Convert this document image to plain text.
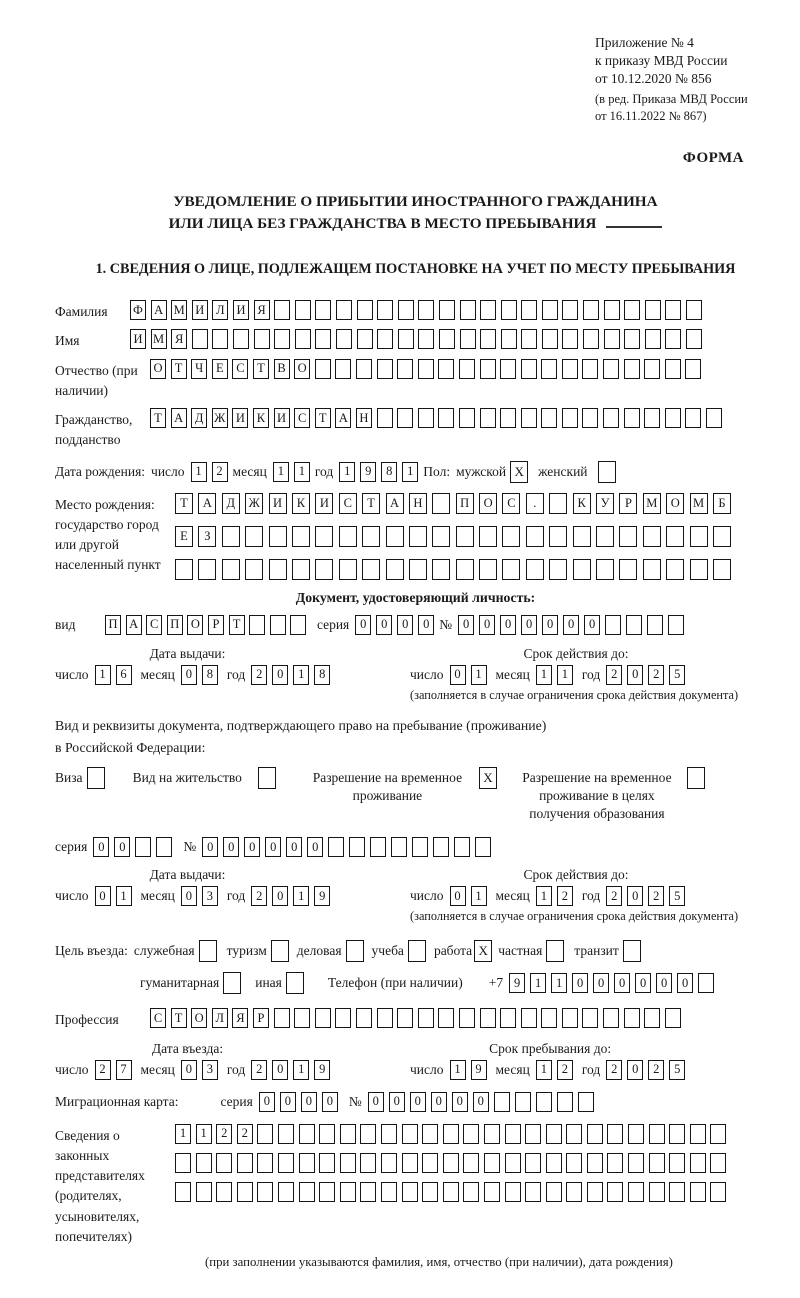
Приложение № 4
к приказу МВД России
от 10.12.2020 № 856
(в ред. Приказа МВД России
от 16.11.2022 № 867)
ФОРМА
УВЕДОМЛЕНИЕ О ПРИБЫТИИ ИНОСТРАННОГО ГРАЖДАНИНА
ИЛИ ЛИЦА БЕЗ ГРАЖДАНСТВА В МЕСТО ПРЕБЫВАНИЯ
1. СВЕДЕНИЯ О ЛИЦЕ, ПОДЛЕЖАЩЕМ ПОСТАНОВКЕ НА УЧЕТ ПО МЕСТУ ПРЕБЫВАНИЯ
Фамилия	Ф А М И Л И Я
Имя	И М Я
Отчество (при наличии)
О Т	Ч	Е	С	Т	В О
Гражданство, подданство
Т А Д Ж И К И С	Т А Н
Дата рождения: число 1	2 месяц 1	1 год 1	9	8	1 Пол: мужской X	женский
Место рождения: государство город или другой населенный пункт
Т	А	Д	Ж	И	К	И	С	Т	А	Н	П	О	С	.	К	У	Р	М	О	М	Б
Е	З
Документ, удостоверяющий личность:
вид	П А С П О	Р	Т	серия 0	0	0	0 № 0	0	0	0	0	0	0
Дата выдачи:
число 1	6	месяц 0	8	год 2	0	1	8
Срок действия до:
число 0	1	месяц 1	1	год 2	0	2	5
(заполняется в случае ограничения срока действия документа)
Вид и реквизиты документа, подтверждающего право на пребывание (проживание)
в Российской Федерации:
Виза	Вид на жительство	Разрешение на временное проживание
X	Разрешение на временное проживание в целях получения образования
серия 0	0	№ 0	0	0	0	0	0
Дата выдачи:
число 0	1	месяц 0	3	год 2	0	1	9
Срок действия до:
число 0	1	месяц 1	2	год 2	0	2	5
(заполняется в случае ограничения срока действия документа)
Цель въезда: служебная туризм деловая учеба работа X частная транзит
гуманитарная	иная	Телефон (при наличии) +7 9	1	1	0	0	0	0	0	0
Профессия	С	Т О Л Я	Р
Дата въезда:
число 2	7	месяц 0	3	год 2	0	1	9
Срок пребывания до:
число 1	9	месяц 1	2	год 2	0	2	5
Миграционная карта:	серия 0	0	0	0	№ 0	0	0	0	0	0
Сведения о законных представителях (родителях, усыновителях, попечителях)
1	1	2	2
(при заполнении указываются фамилия, имя, отчество (при наличии), дата рождения)
